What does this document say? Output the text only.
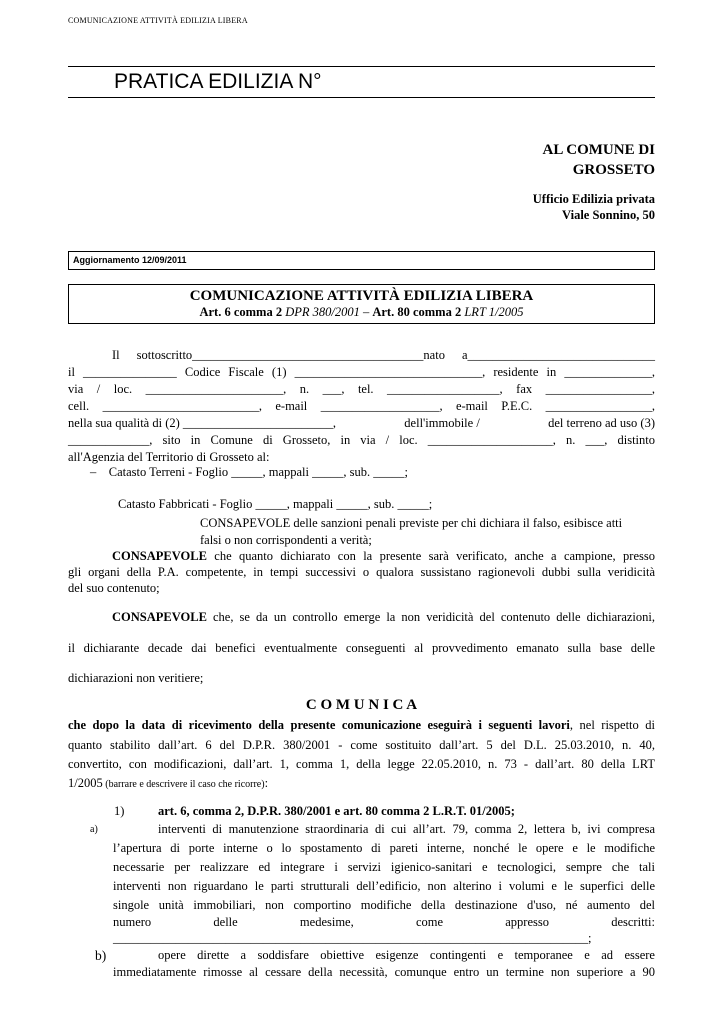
COMUNICAZIONE ATTIVITÀ EDILIZIA LIBERA
PRATICA EDILIZIA N°
AL COMUNE DI
GROSSETO
Ufficio Edilizia privata
Viale Sonnino, 50
Aggiornamento 12/09/2011
COMUNICAZIONE ATTIVITÀ EDILIZIA LIBERA
Art. 6 comma 2 DPR 380/2001 – Art. 80 comma 2 LRT 1/2005
Il sottoscritto_____________________________________nato a______________________________
il _______________ Codice Fiscale (1) ______________________________, residente in ______________,
via / loc. ______________________, n. ___, tel. __________________, fax _________________,
cell. _________________________, e-mail ___________________, e-mail P.E.C. _________________,
nella sua qualità di (2) ________________________,	dell'immobile /	del terreno ad uso (3)
_____________, sito in Comune di Grosseto, in via / loc. ____________________, n. ___, distinto
all'Agenzia del Territorio di Grosseto al:
– Catasto Terreni - Foglio _____, mappali _____, sub. _____;
Catasto Fabbricati - Foglio _____, mappali _____, sub. _____;
CONSAPEVOLE delle sanzioni penali previste per chi dichiara il falso, esibisce atti
falsi o non corrispondenti a verità;
CONSAPEVOLE che quanto dichiarato con la presente sarà verificato, anche a campione, presso
gli organi della P.A. competente, in tempi successivi o qualora sussistano ragionevoli dubbi sulla veridicità
del suo contenuto;
CONSAPEVOLE che, se da un controllo emerge la non veridicità del contenuto delle dichiarazioni,
il dichiarante decade dai benefici eventualmente conseguenti al provvedimento emanato sulla base delle
dichiarazioni non veritiere;
C O M U N I C A
che dopo la data di ricevimento della presente comunicazione eseguirà i seguenti lavori, nel rispetto di
quanto stabilito dall’art. 6 del D.P.R. 380/2001 - come sostituito dall’art. 5 del D.L. 25.03.2010, n. 40,
convertito, con modificazioni, dall’art. 1, comma 1, della legge 22.05.2010, n. 73 - dall’art. 80 della LRT
1/2005 (barrare e descrivere il caso che ricorre):
1)	art. 6, comma 2, D.P.R. 380/2001 e art. 80 comma 2 L.R.T. 01/2005;
a)	interventi di manutenzione straordinaria di cui all’art. 79, comma 2, lettera b, ivi compresa
l’apertura di porte interne o lo spostamento di pareti interne, nonché le opere e le modifiche
necessarie per realizzare ed integrare i servizi igienico-sanitari e tecnologici, sempre che tali
interventi non riguardano le parti strutturali dell’edificio, non alterino i volumi e le superfici delle
singole unità immobiliari, non comportino modifiche della destinazione d'uso, né aumento del
numero	delle	medesime,	come	appresso	descritti:
____________________________________________________________________________;
b)	opere dirette a soddisfare obiettive esigenze contingenti e temporanee e ad essere
immediatamente rimosse al cessare della necessità, comunque entro un termine non superiore a 90
